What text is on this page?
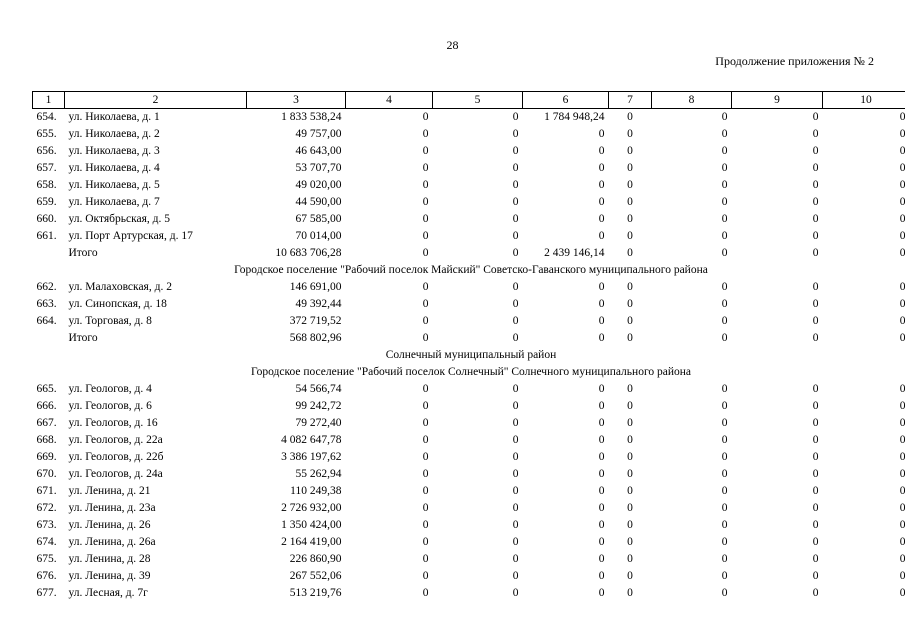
28
Продолжение приложения № 2
1	2	3	4	5	6	7	8	9	10
654.	ул. Николаева, д. 1	1 833 538,24	0	0	1 784 948,24	0	0	0	0
655.	ул. Николаева, д. 2	49 757,00	0	0	0	0	0	0	0
656.	ул. Николаева, д. 3	46 643,00	0	0	0	0	0	0	0
657.	ул. Николаева, д. 4	53 707,70	0	0	0	0	0	0	0
658.	ул. Николаева, д. 5	49 020,00	0	0	0	0	0	0	0
659.	ул. Николаева, д. 7	44 590,00	0	0	0	0	0	0	0
660.	ул. Октябрьская, д. 5	67 585,00	0	0	0	0	0	0	0
661.	ул. Порт Артурская, д. 17	70 014,00	0	0	0	0	0	0	0
	Итого	10 683 706,28	0	0	2 439 146,14	0	0	0	0
Городское поселение "Рабочий поселок Майский" Советско-Гаванского муниципального района									
662.	ул. Малаховская, д. 2	146 691,00	0	0	0	0	0	0	0
663.	ул. Синопская, д. 18	49 392,44	0	0	0	0	0	0	0
664.	ул. Торговая, д. 8	372 719,52	0	0	0	0	0	0	0
	Итого	568 802,96	0	0	0	0	0	0	0
Солнечный муниципальный район									
Городское поселение "Рабочий поселок Солнечный" Солнечного муниципального района									
665.	ул. Геологов, д. 4	54 566,74	0	0	0	0	0	0	0
666.	ул. Геологов, д. 6	99 242,72	0	0	0	0	0	0	0
667.	ул. Геологов, д. 16	79 272,40	0	0	0	0	0	0	0
668.	ул. Геологов, д. 22а	4 082 647,78	0	0	0	0	0	0	0
669.	ул. Геологов, д. 22б	3 386 197,62	0	0	0	0	0	0	0
670.	ул. Геологов, д. 24а	55 262,94	0	0	0	0	0	0	0
671.	ул. Ленина, д. 21	110 249,38	0	0	0	0	0	0	0
672.	ул. Ленина, д. 23а	2 726 932,00	0	0	0	0	0	0	0
673.	ул. Ленина, д. 26	1 350 424,00	0	0	0	0	0	0	0
674.	ул. Ленина, д. 26а	2 164 419,00	0	0	0	0	0	0	0
675.	ул. Ленина, д. 28	226 860,90	0	0	0	0	0	0	0
676.	ул. Ленина, д. 39	267 552,06	0	0	0	0	0	0	0
677.	ул. Лесная, д. 7г	513 219,76	0	0	0	0	0	0	0
